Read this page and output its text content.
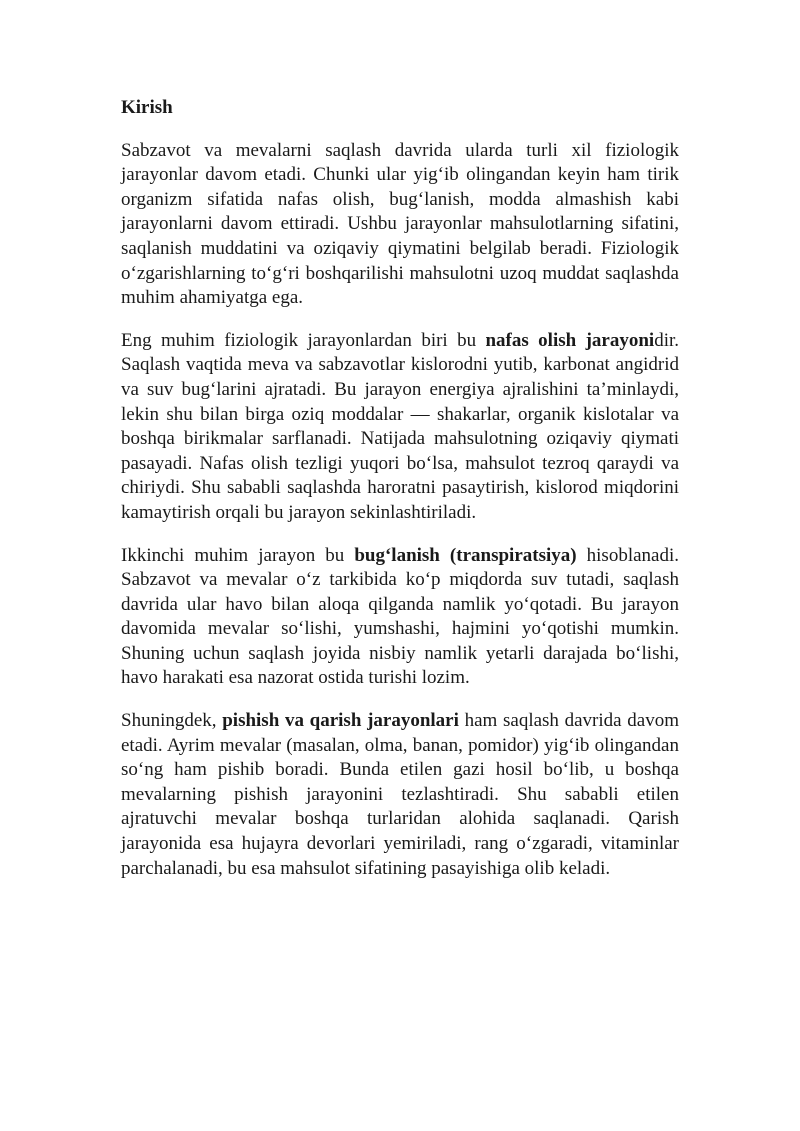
Kirish

Sabzavot va mevalarni saqlash davrida ularda turli xil fiziologik jarayonlar davom etadi. Chunki ular yig‘ib olingandan keyin ham tirik organizm sifatida nafas olish, bug‘lanish, modda almashish kabi jarayonlarni davom ettiradi. Ushbu jarayonlar mahsulotlarning sifatini, saqlanish muddatini va oziqaviy qiymatini belgilab beradi. Fiziologik o‘zgarishlarning to‘g‘ri boshqarilishi mahsulotni uzoq muddat saqlashda muhim ahamiyatga ega.

Eng muhim fiziologik jarayonlardan biri bu nafas olish jarayonidir. Saqlash vaqtida meva va sabzavotlar kislorodni yutib, karbonat angidrid va suv bug‘larini ajratadi. Bu jarayon energiya ajralishini ta’minlaydi, lekin shu bilan birga oziq moddalar — shakarlar, organik kislotalar va boshqa birikmalar sarflanadi. Natijada mahsulotning oziqaviy qiymati pasayadi. Nafas olish tezligi yuqori bo‘lsa, mahsulot tezroq qaraydi va chiriydi. Shu sababli saqlashda haroratni pasaytirish, kislorod miqdorini kamaytirish orqali bu jarayon sekinlashtiriladi.

Ikkinchi muhim jarayon bu bug‘lanish (transpiratsiya) hisoblanadi. Sabzavot va mevalar o‘z tarkibida ko‘p miqdorda suv tutadi, saqlash davrida ular havo bilan aloqa qilganda namlik yo‘qotadi. Bu jarayon davomida mevalar so‘lishi, yumshashi, hajmini yo‘qotishi mumkin. Shuning uchun saqlash joyida nisbiy namlik yetarli darajada bo‘lishi, havo harakati esa nazorat ostida turishi lozim.

Shuningdek, pishish va qarish jarayonlari ham saqlash davrida davom etadi. Ayrim mevalar (masalan, olma, banan, pomidor) yig‘ib olingandan so‘ng ham pishib boradi. Bunda etilen gazi hosil bo‘lib, u boshqa mevalarning pishish jarayonini tezlashtiradi. Shu sababli etilen ajratuvchi mevalar boshqa turlaridan alohida saqlanadi. Qarish jarayonida esa hujayra devorlari yemiriladi, rang o‘zgaradi, vitaminlar parchalanadi, bu esa mahsulot sifatining pasayishiga olib keladi.
